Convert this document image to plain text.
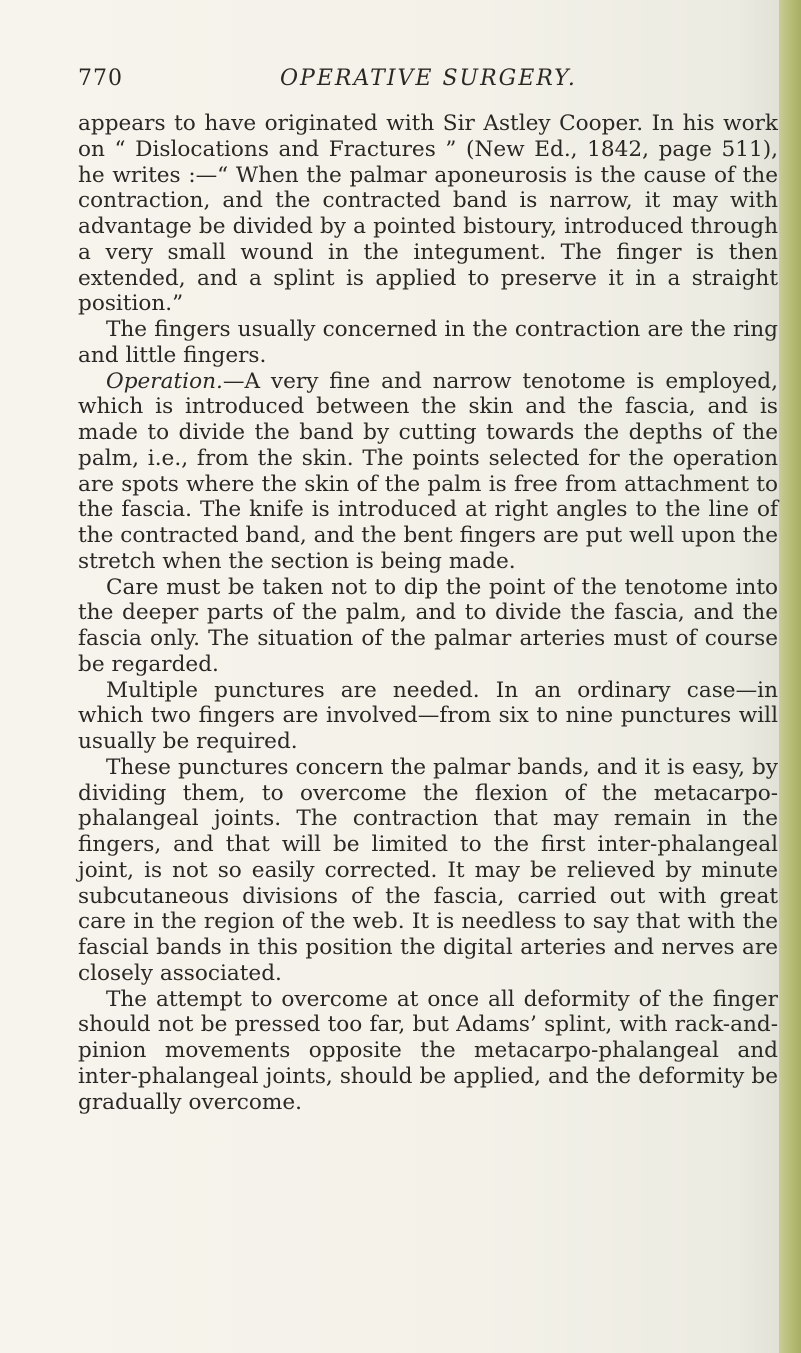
770	OPERATIVE SURGERY.

appears to have originated with Sir Astley Cooper. In his work on “ Dislocations and Fractures ” (New Ed., 1842, page 511), he writes :—“ When the palmar aponeurosis is the cause of the contraction, and the contracted band is narrow, it may with advantage be divided by a pointed bistoury, introduced through a very small wound in the integument. The finger is then extended, and a splint is applied to preserve it in a straight position.”

The fingers usually concerned in the contraction are the ring and little fingers.

Operation.—A very fine and narrow tenotome is employed, which is introduced between the skin and the fascia, and is made to divide the band by cutting towards the depths of the palm, i.e., from the skin. The points selected for the operation are spots where the skin of the palm is free from attachment to the fascia. The knife is introduced at right angles to the line of the contracted band, and the bent fingers are put well upon the stretch when the section is being made.

Care must be taken not to dip the point of the tenotome into the deeper parts of the palm, and to divide the fascia, and the fascia only. The situation of the palmar arteries must of course be regarded.

Multiple punctures are needed. In an ordinary case—in which two fingers are involved—from six to nine punctures will usually be required.

These punctures concern the palmar bands, and it is easy, by dividing them, to overcome the flexion of the metacarpo-phalangeal joints. The contraction that may remain in the fingers, and that will be limited to the first inter-phalangeal joint, is not so easily corrected. It may be relieved by minute subcutaneous divisions of the fascia, carried out with great care in the region of the web. It is needless to say that with the fascial bands in this position the digital arteries and nerves are closely associated.

The attempt to overcome at once all deformity of the finger should not be pressed too far, but Adams’ splint, with rack-and-pinion movements opposite the metacarpo-phalangeal and inter-phalangeal joints, should be applied, and the deformity be gradually overcome.
